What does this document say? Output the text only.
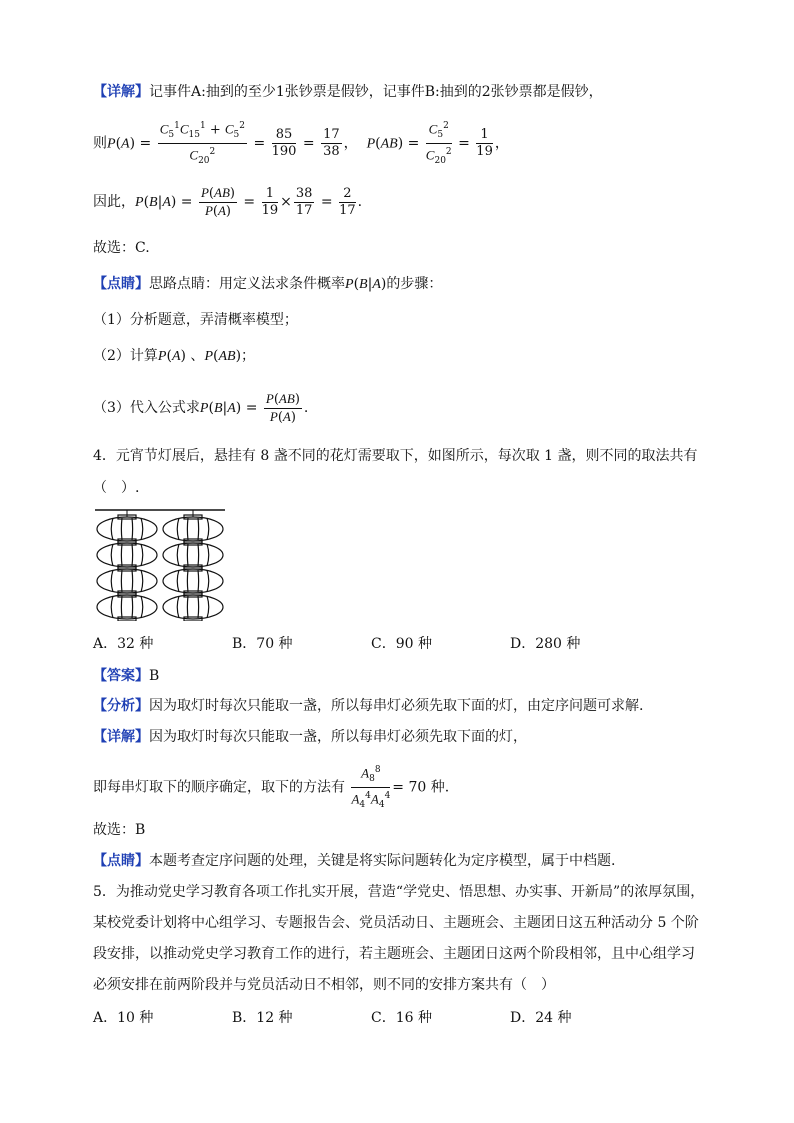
【详解】记事件A:抽到的至少1张钞票是假钞，记事件B:抽到的2张钞票都是假钞，
则$P(A) = \frac{C_5^1C_{15}^1 + C_5^2}{C_{20}^2} = \frac{85}{190} = \frac{17}{38}$ ，  $P(AB) = \frac{C_5^2}{C_{20}^2} = \frac{1}{19}$ ，
因此，$P(B|A) = \frac{P(AB)}{P(A)} = \frac{1}{19} \times \frac{38}{17} = \frac{2}{17}$ .
故选：C.
【点睛】思路点睛：用定义法求条件概率P(B|A)的步骤：
（1）分析题意，弄清概率模型；
（2）计算P(A) 、P(AB)；
（3）代入公式求$P(B|A) = \frac{P(AB)}{P(A)}$ .
4．元宵节灯展后，悬挂有 8 盏不同的花灯需要取下，如图所示，每次取 1 盏，则不同的取法共有
（　）.
A．32 种	B．70 种	C．90 种	D．280 种
【答案】B
【分析】因为取灯时每次只能取一盏，所以每串灯必须先取下面的灯，由定序问题可求解.
【详解】因为取灯时每次只能取一盏，所以每串灯必须先取下面的灯，
即每串灯取下的顺序确定，取下的方法有 $\frac{A_8^8}{A_4^4A_4^4} = 70$ 种.
故选：B
【点睛】本题考查定序问题的处理，关键是将实际问题转化为定序模型，属于中档题.
5．为推动党史学习教育各项工作扎实开展，营造“学党史、悟思想、办实事、开新局”的浓厚氛围，
某校党委计划将中心组学习、专题报告会、党员活动日、主题班会、主题团日这五种活动分 5 个阶
段安排，以推动党史学习教育工作的进行，若主题班会、主题团日这两个阶段相邻，且中心组学习
必须安排在前两阶段并与党员活动日不相邻，则不同的安排方案共有（　）
A．10 种	B．12 种	C．16 种	D．24 种
